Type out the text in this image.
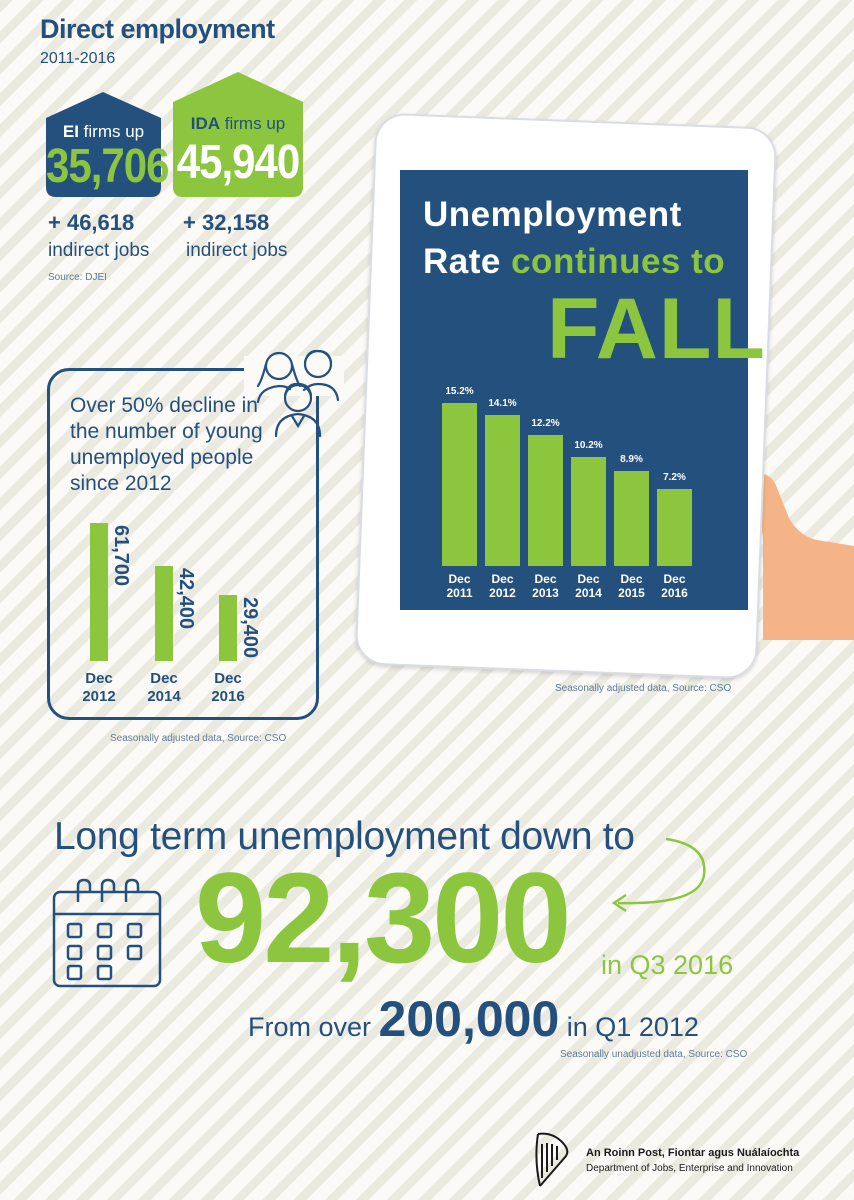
Direct employment
2011-2016
EI firms up
35,706
+ 46,618
indirect jobs
IDA firms up
45,940
+ 32,158
indirect jobs
Source: DJEI
Over 50% decline in the number of young unemployed people since 2012
61,700
Dec
2012
42,400
Dec
2014
29,400
Dec
2016
Seasonally adjusted data, Source: CSO
Unemployment
Rate continues to
FALL
15.2%
Dec
2011
14.1%
Dec
2012
12.2%
Dec
2013
10.2%
Dec
2014
8.9%
Dec
2015
7.2%
Dec
2016
Seasonally adjusted data, Source: CSO
Long term unemployment down to
92,300 in Q3 2016
From over 200,000 in Q1 2012
Seasonally unadjusted data, Source: CSO
An Roinn Post, Fiontar agus Nuálaíochta
Department of Jobs, Enterprise and Innovation
